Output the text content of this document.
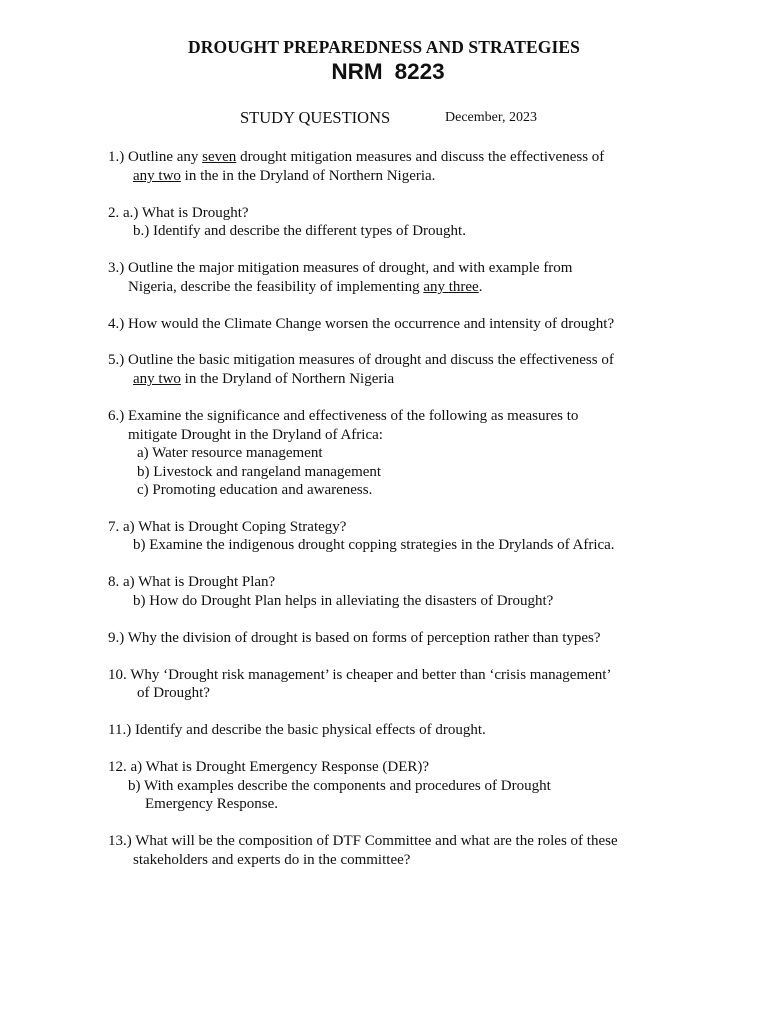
DROUGHT PREPAREDNESS AND STRATEGIES
NRM 8223
STUDY QUESTIONS	December, 2023
1.) Outline any seven drought mitigation measures and discuss the effectiveness of
any two in the in the Dryland of Northern Nigeria.
2. a.) What is Drought?
b.) Identify and describe the different types of Drought.
3.) Outline the major mitigation measures of drought, and with example from
Nigeria, describe the feasibility of implementing any three.
4.) How would the Climate Change worsen the occurrence and intensity of drought?
5.) Outline the basic mitigation measures of drought and discuss the effectiveness of
any two in the Dryland of Northern Nigeria
6.) Examine the significance and effectiveness of the following as measures to
mitigate Drought in the Dryland of Africa:
a) Water resource management
b) Livestock and rangeland management
c) Promoting education and awareness.
7. a) What is Drought Coping Strategy?
b) Examine the indigenous drought copping strategies in the Drylands of Africa.
8. a) What is Drought Plan?
b) How do Drought Plan helps in alleviating the disasters of Drought?
9.) Why the division of drought is based on forms of perception rather than types?
10. Why ‘Drought risk management’ is cheaper and better than ‘crisis management’
of Drought?
11.) Identify and describe the basic physical effects of drought.
12. a) What is Drought Emergency Response (DER)?
b) With examples describe the components and procedures of Drought
Emergency Response.
13.) What will be the composition of DTF Committee and what are the roles of these
stakeholders and experts do in the committee?
